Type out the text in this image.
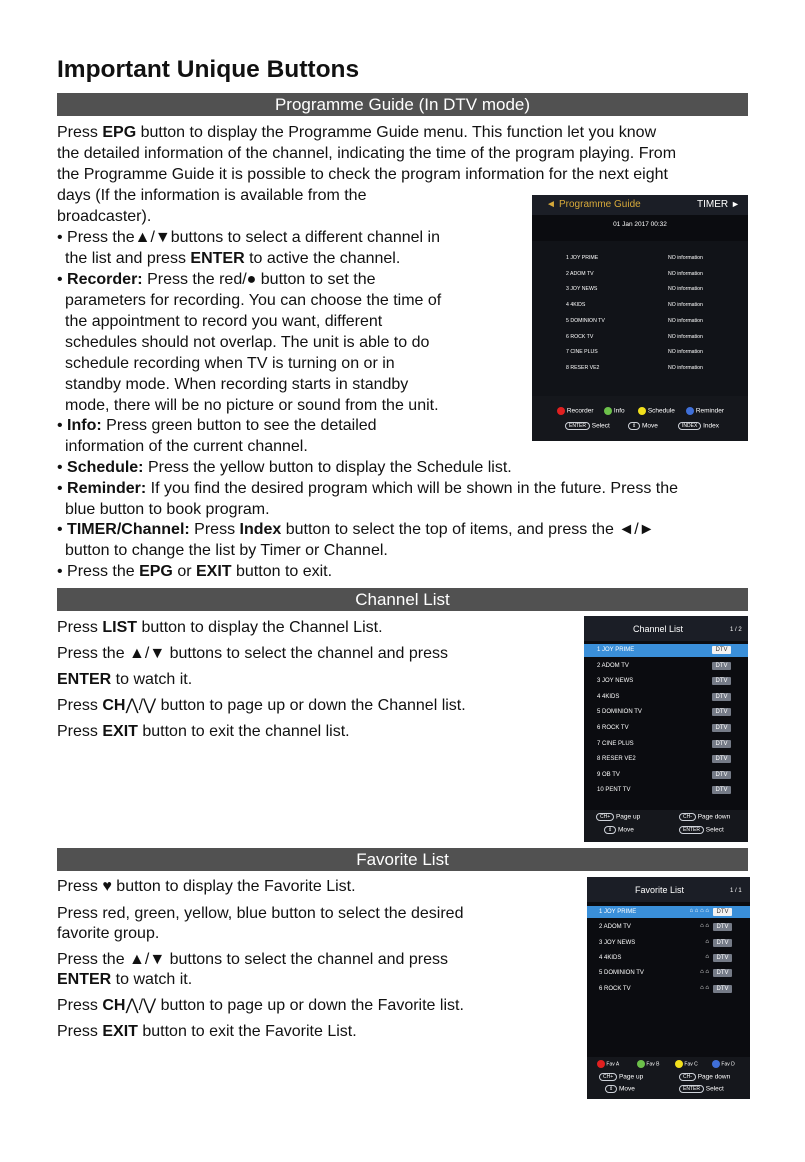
Important Unique Buttons
Programme Guide (In DTV mode)
Press EPG button to display the Programme Guide menu. This function let you know
the detailed information of the channel, indicating the time of the program playing. From
the Programme Guide it is possible to check the program information for the next eight
days (If the information is available from the
broadcaster).
• Press the▲/▼buttons to select a different channel in
the list and press ENTER to active the channel.
• Recorder: Press the red/● button to set the
parameters for recording. You can choose the time of
the appointment to record you want, different
schedules should not overlap. The unit is able to do
schedule recording when TV is turning on or in
standby mode. When recording starts in standby
mode, there will be no picture or sound from the unit.
• Info: Press green button to see the detailed
information of the current channel.
• Schedule: Press the yellow button to display the Schedule list.
• Reminder: If you find the desired program which will be shown in the future. Press the
blue button to book program.
• TIMER/Channel: Press Index button to select the top of items, and press the ◄/►
button to change the list by Timer or Channel.
• Press the EPG or EXIT button to exit.
◄ Programme Guide	TIMER ►
01 Jan 2017 00:32
1 JOY PRIME	NO information
2 ADOM TV	NO information
3 JOY NEWS	NO information
4 4KIDS	NO information
5 DOMINION TV	NO information
6 ROCK TV	NO information
7 CINE PLUS	NO information
8 RESER VE2	NO information
Recorder	Info	Schedule	Reminder
ENTER Select	⇕ Move	INDEX Index
Channel List
Press LIST button to display the Channel List.
Press the ▲/▼ buttons to select the channel and press
ENTER to watch it.
Press CH⋀/⋁ button to page up or down the Channel list.
Press EXIT button to exit the channel list.
Channel List	1 / 2
1 JOY PRIME	DTV
2 ADOM TV	DTV
3 JOY NEWS	DTV
4 4KIDS	DTV
5 DOMINION TV	DTV
6 ROCK TV	DTV
7 CINE PLUS	DTV
8 RESER VE2	DTV
9 OB TV	DTV
10 PENT TV	DTV
CH+ Page up	CH- Page down
⇕ Move	ENTER Select
Favorite List
Press ♥ button to display the Favorite List.
Press red, green, yellow, blue button to select the desired
favorite group.
Press the ▲/▼ buttons to select the channel and press
ENTER to watch it.
Press CH⋀/⋁ button to page up or down the Favorite list.
Press EXIT button to exit the Favorite List.
Favorite List	1 / 1
1 JOY PRIME	⌂ ⌂ ⌂ ⌂	DTV
2 ADOM TV	⌂ ⌂	DTV
3 JOY NEWS	⌂	DTV
4 4KIDS	⌂	DTV
5 DOMINION TV	⌂ ⌂	DTV
6 ROCK TV	⌂ ⌂	DTV
Fav A	Fav B	Fav C	Fav D
CH+ Page up	CH- Page down
⇕ Move	ENTER Select
